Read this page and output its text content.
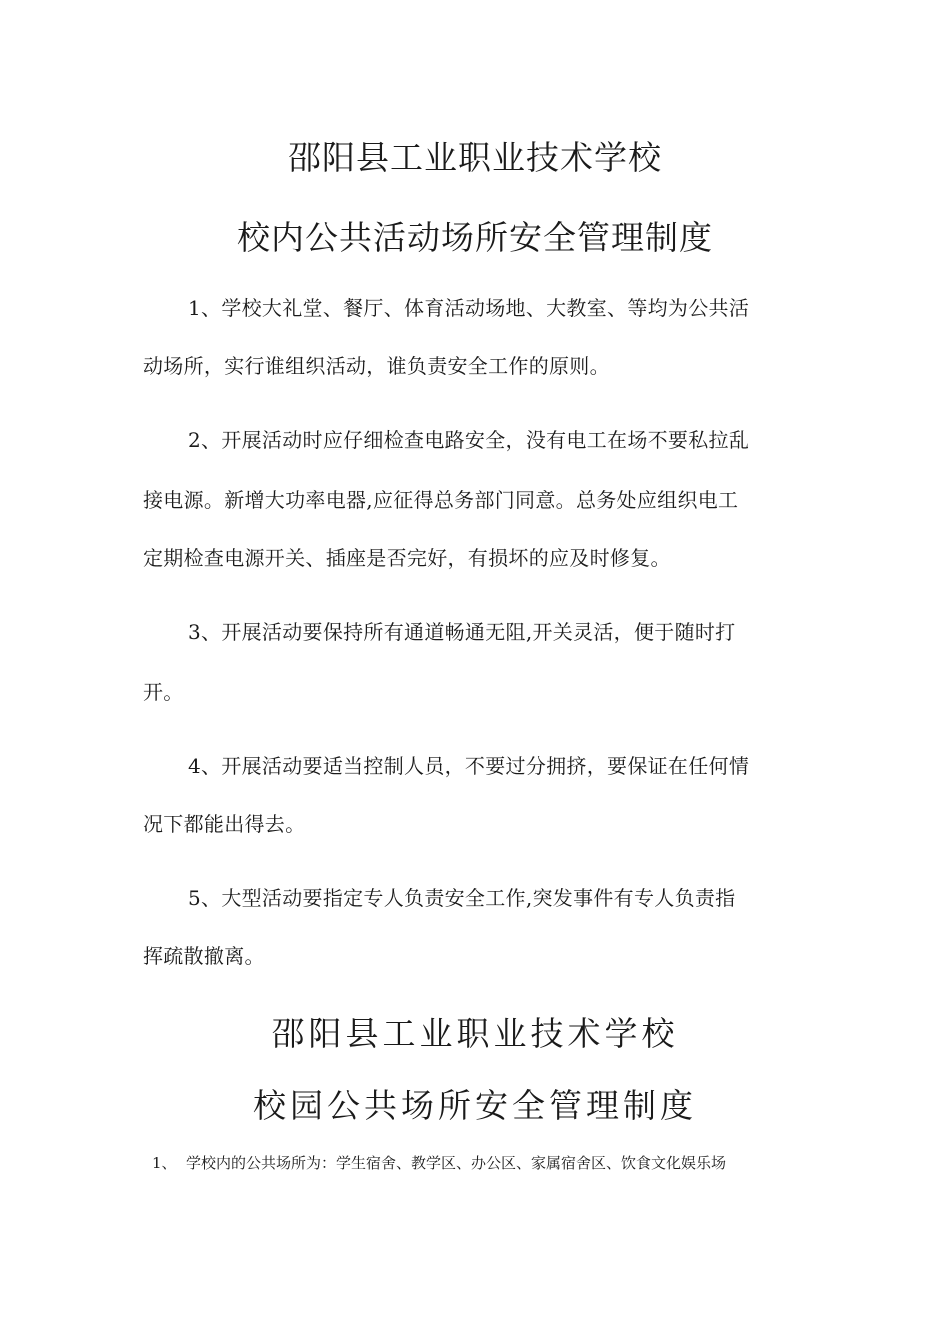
邵阳县工业职业技术学校
校内公共活动场所安全管理制度

1、学校大礼堂、餐厅、体育活动场地、大教室、等均为公共活

动场所，实行谁组织活动，谁负责安全工作的原则。

2、开展活动时应仔细检查电路安全，没有电工在场不要私拉乱

接电源。新增大功率电器,应征得总务部门同意。总务处应组织电工

定期检查电源开关、插座是否完好，有损坏的应及时修复。

3、开展活动要保持所有通道畅通无阻,开关灵活，便于随时打

开。

4、开展活动要适当控制人员，不要过分拥挤，要保证在任何情

况下都能出得去。

5、大型活动要指定专人负责安全工作,突发事件有专人负责指

挥疏散撤离。

邵阳县工业职业技术学校
校园公共场所安全管理制度

1、 学校内的公共场所为：学生宿舍、教学区、办公区、家属宿舍区、饮食文化娱乐场
